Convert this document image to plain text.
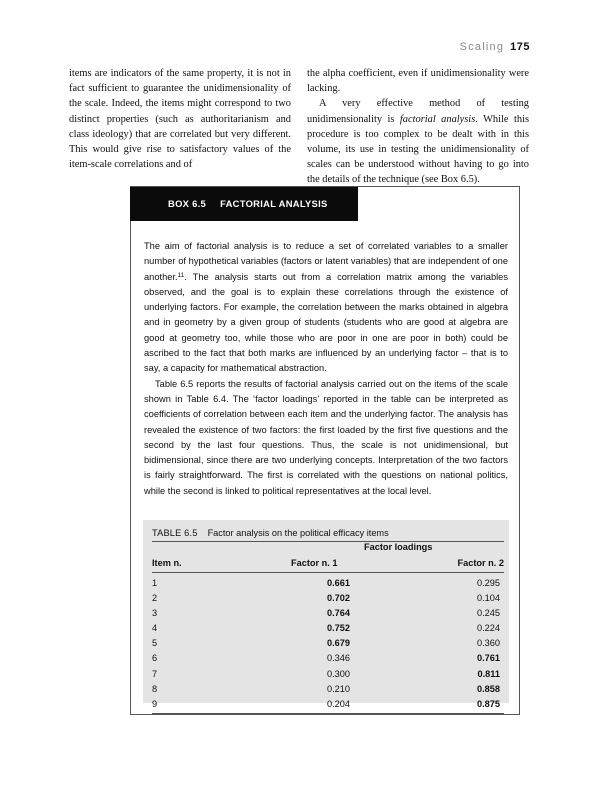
Scaling 175

items are indicators of the same property, it is not in fact sufficient to guarantee the unidimensionality of the scale. Indeed, the items might correspond to two distinct properties (such as authoritarianism and class ideology) that are correlated but very different. This would give rise to satisfactory values of the item-scale correlations and of

the alpha coefficient, even if unidimensionality were lacking.

A very effective method of testing unidimensionality is factorial analysis. While this procedure is too complex to be dealt with in this volume, its use in testing the unidimensionality of scales can be understood without having to go into the details of the technique (see Box 6.5).

BOX 6.5 FACTORIAL ANALYSIS

The aim of factorial analysis is to reduce a set of correlated variables to a smaller number of hypothetical variables (factors or latent variables) that are independent of one another.$^{11}$. The analysis starts out from a correlation matrix among the variables observed, and the goal is to explain these correlations through the existence of underlying factors. For example, the correlation between the marks obtained in algebra and in geometry by a given group of students (students who are good at algebra are good at geometry too, while those who are poor in one are poor in both) could be ascribed to the fact that both marks are influenced by an underlying factor – that is to say, a capacity for mathematical abstraction.

Table 6.5 reports the results of factorial analysis carried out on the items of the scale shown in Table 6.4. The ‘factor loadings’ reported in the table can be interpreted as coefficients of correlation between each item and the underlying factor. The analysis has revealed the existence of two factors: the first loaded by the first five questions and the second by the last four questions. Thus, the scale is not unidimensional, but bidimensional, since there are two underlying concepts. Interpretation of the two factors is fairly straightforward. The first is correlated with the questions on national politics, while the second is linked to political representatives at the local level.

TABLE 6.5 Factor analysis on the political efficacy items
Factor loadings
Item n.	Factor n. 1	Factor n. 2
1	0.661	0.295
2	0.702	0.104
3	0.764	0.245
4	0.752	0.224
5	0.679	0.360
6	0.346	0.761
7	0.300	0.811
8	0.210	0.858
9	0.204	0.875
